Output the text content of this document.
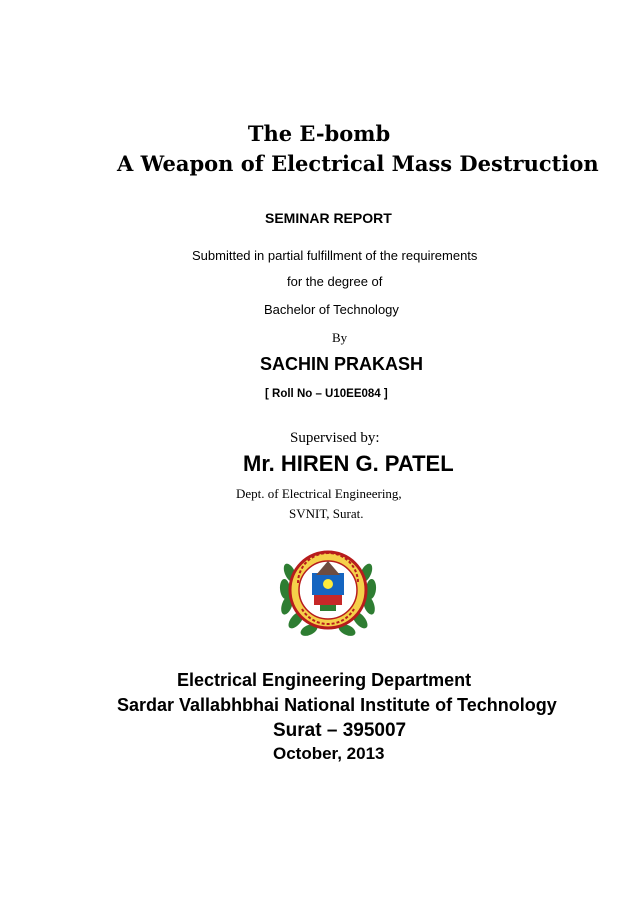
The E-bomb
A Weapon of Electrical Mass Destruction
SEMINAR REPORT
Submitted in partial fulfillment of the requirements
for the degree of
Bachelor of Technology
By
SACHIN PRAKASH
[ Roll No – U10EE084 ]
Supervised by:
Mr. HIREN G. PATEL
Dept. of Electrical Engineering,
SVNIT, Surat.
Electrical Engineering Department
Sardar Vallabhbhai National Institute of Technology
Surat – 395007
October, 2013
